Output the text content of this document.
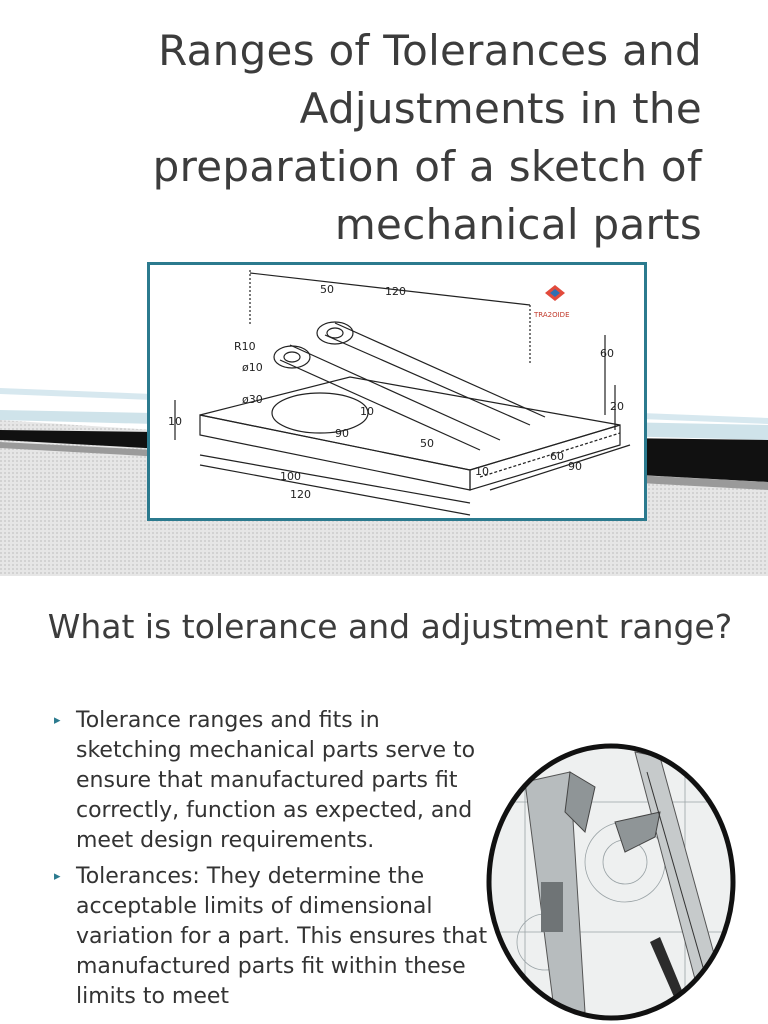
Ranges of Tolerances and Adjustments in the preparation of a sketch of mechanical parts
TRA2OIDE
50	120
R10
ø10
ø30
90
50
10
100
120
10
20
60
10
60
90
What is tolerance and adjustment range?
▸ Tolerance ranges and fits in sketching mechanical parts serve to ensure that manufactured parts fit correctly, function as expected, and meet design requirements.
▸ Tolerances: They determine the acceptable limits of dimensional variation for a part. This ensures that manufactured parts fit within these limits to meet
